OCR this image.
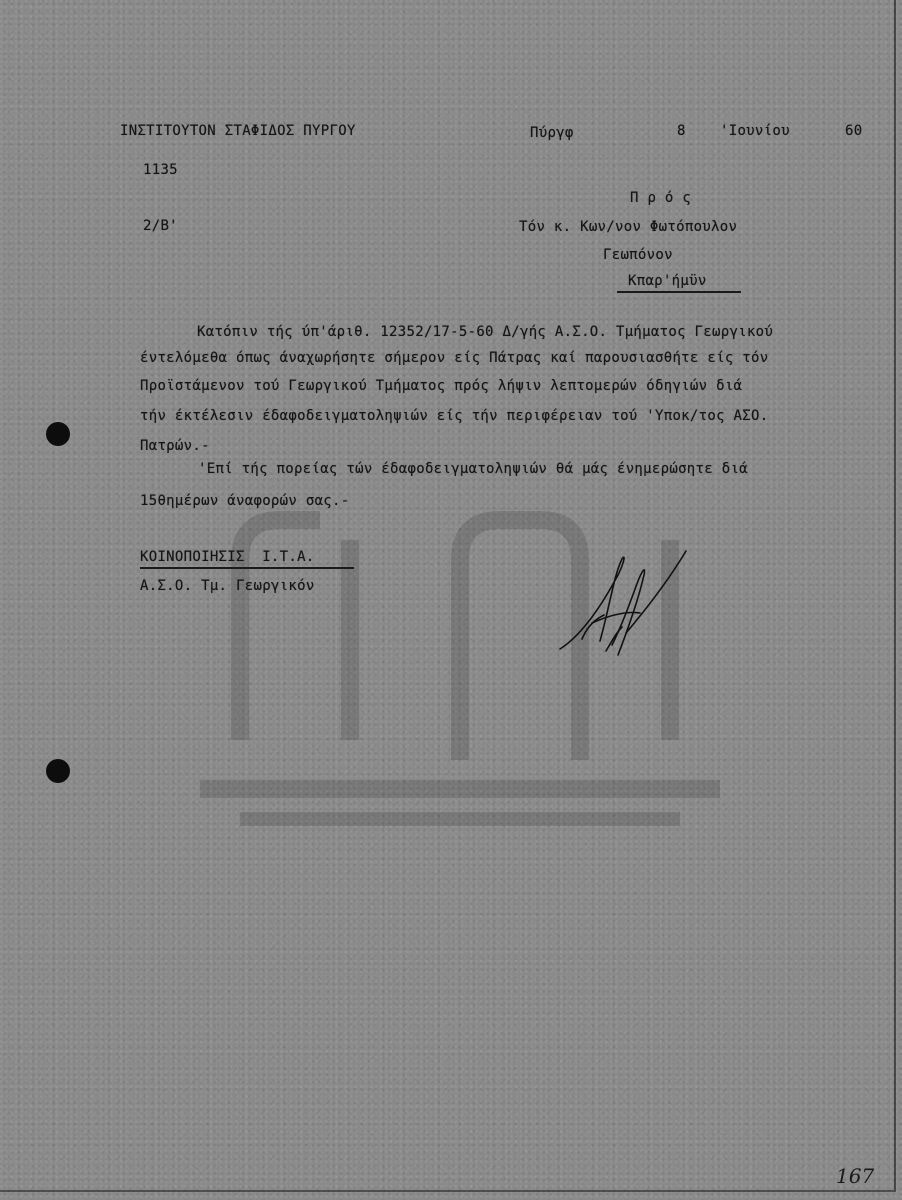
ΙΝΣΤΙΤΟΥΤΟΝ ΣΤΑΦΙΔΟΣ ΠΥΡΓΟΥ	Πύργφ	8 'Ιουνίου	60
1135
2/Β'
Π ρ ό ς
Τόν κ. Κων/νον Φωτόπουλον
Γεωπόνον
Κπαρ'ήμϋν
Κατόπιν τής ύπ'άριθ. 12352/17-5-60 Δ/γής Α.Σ.Ο. Τμήματος Γεωργικού
έντελόμεθα όπως άναχωρήσητε σήμερον είς Πάτρας καί παρουσιασθήτε είς τόν
Προϊστάμενον τού Γεωργικού Τμήματος πρός λήψιν λεπτομερών όδηγιών διά
τήν έκτέλεσιν έδαφοδειγματοληψιών είς τήν περιφέρειαν τού 'Υποκ/τος ΑΣΟ.
Πατρών.-
'Επί τής πορείας τών έδαφοδειγματοληψιών θά μάς ένημερώσητε διά
15θημέρων άναφορών σας.-
ΚΟΙΝΟΠΟΙΗΣΙΣ  Ι.Τ.Α.
Α.Σ.Ο. Τμ. Γεωργικόν
167
